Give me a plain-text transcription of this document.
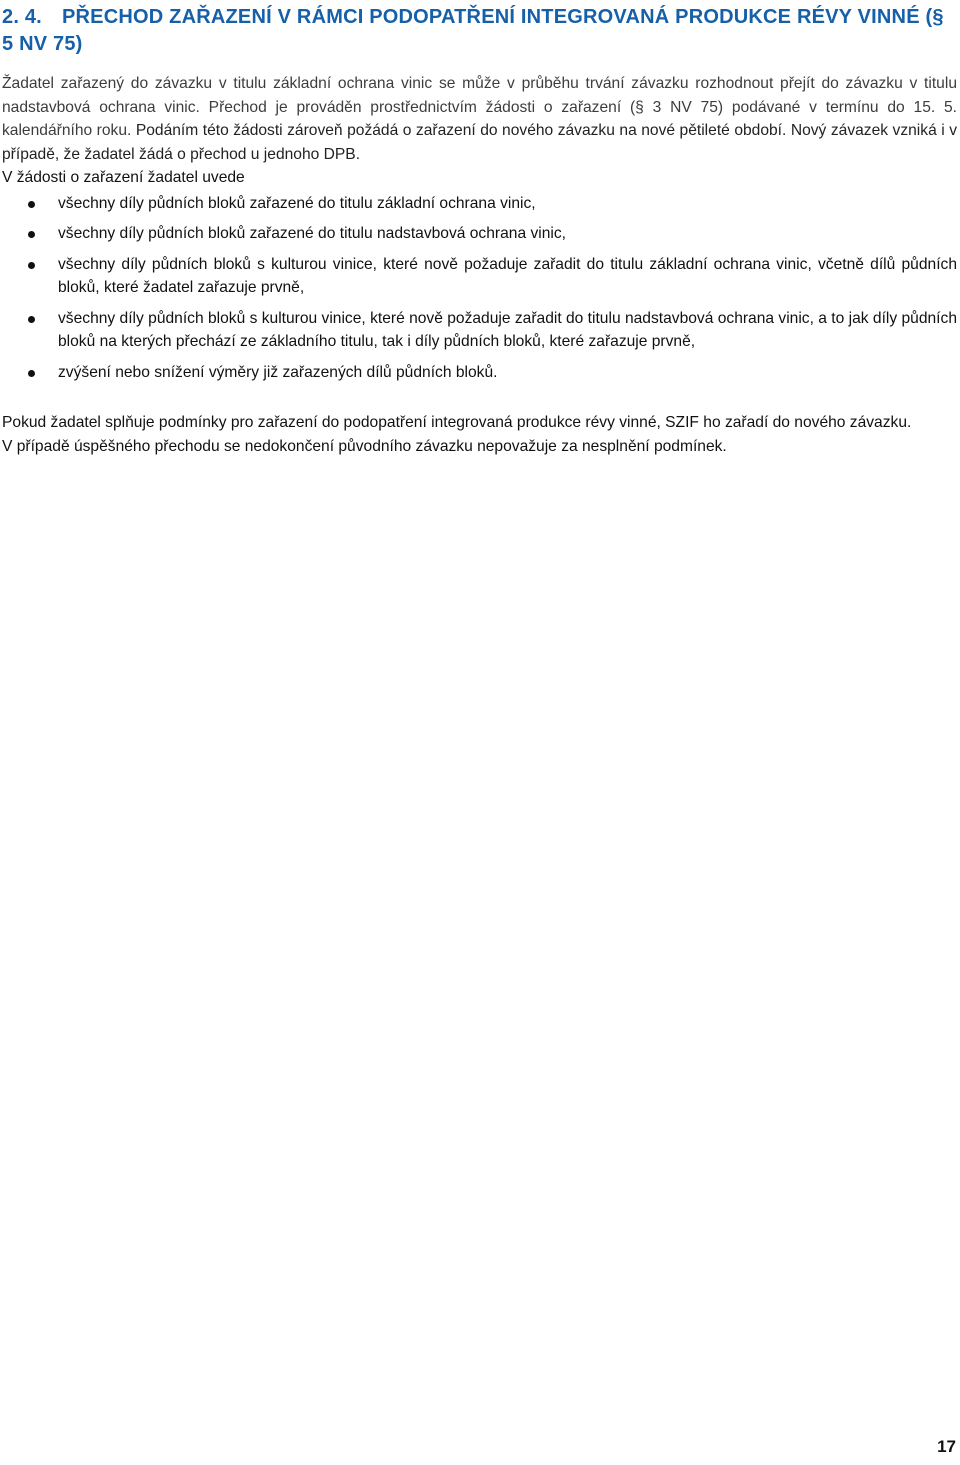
2. 4. PŘECHOD ZAŘAZENÍ V RÁMCI PODOPATŘENÍ INTEGROVANÁ PRODUKCE RÉVY VINNÉ (§ 5 NV 75)

Žadatel zařazený do závazku v titulu základní ochrana vinic se může v průběhu trvání závazku rozhodnout přejít do závazku v titulu nadstavbová ochrana vinic. Přechod je prováděn prostřednictvím žádosti o zařazení (§ 3 NV 75) podávané v termínu do 15. 5. kalendářního roku. Podáním této žádosti zároveň požádá o zařazení do nového závazku na nové pětileté období. Nový závazek vzniká i v případě, že žadatel žádá o přechod u jednoho DPB.

V žádosti o zařazení žadatel uvede

všechny díly půdních bloků zařazené do titulu základní ochrana vinic,
všechny díly půdních bloků zařazené do titulu nadstavbová ochrana vinic,
všechny díly půdních bloků s kulturou vinice, které nově požaduje zařadit do titulu základní ochrana vinic, včetně dílů půdních bloků, které žadatel zařazuje prvně,
všechny díly půdních bloků s kulturou vinice, které nově požaduje zařadit do titulu nadstavbová ochrana vinic, a to jak díly půdních bloků na kterých přechází ze základního titulu, tak i díly půdních bloků, které zařazuje prvně,
zvýšení nebo snížení výměry již zařazených dílů půdních bloků.

Pokud žadatel splňuje podmínky pro zařazení do podopatření integrovaná produkce révy vinné, SZIF ho zařadí do nového závazku.

V případě úspěšného přechodu se nedokončení původního závazku nepovažuje za nesplnění podmínek.

17
